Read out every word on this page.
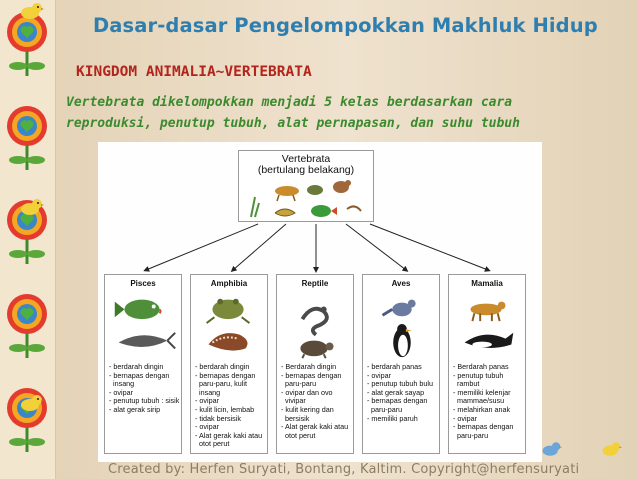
Dasar-dasar Pengelompokkan Makhluk Hidup
KINGDOM ANIMALIA~VERTEBRATA
Vertebrata dikelompokkan menjadi 5 kelas berdasarkan cara
reproduksi, penutup tubuh, alat pernapasan, dan suhu tubuh
Vertebrata
(bertulang belakang)
Pisces
- berdarah dingin
- bernapas dengan insang
- ovipar
- penutup tubuh : sisik
- alat gerak sirip
Amphibia
- berdarah dingin
- bernapas dengan paru-paru, kulit insang
- ovipar
- kulit licin, lembab
- tidak bersisik
- ovipar
- Alat gerak kaki atau otot perut
Reptile
- Berdarah dingin
- bernapas dengan paru-paru
- ovipar dan ovo vivipar
- kulit kering dan bersisik
- Alat gerak kaki atau otot perut
Aves
- berdarah panas
- ovipar
- penutup tubuh bulu
- alat gerak sayap
- bernapas dengan paru-paru
- memiliki paruh
Mamalia
- Berdarah panas
- penutup tubuh rambut
- memiliki kelenjar mammae/susu
- melahirkan anak
- ovipar
- bernapas dengan paru-paru
Created by: Herfen Suryati, Bontang, Kaltim. Copyright@herfensuryati
